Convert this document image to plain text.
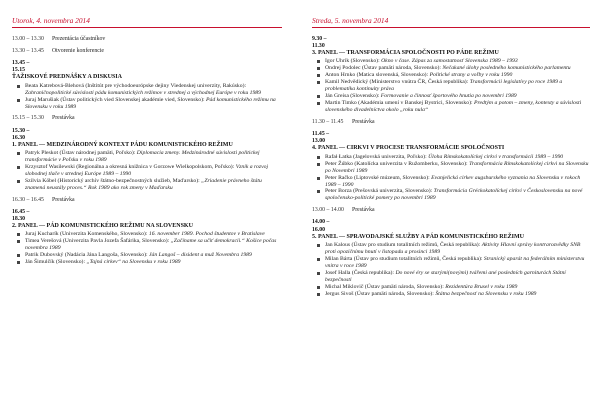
Utorok, 4. novembra 2014
13.00 – 13.30	Prezentácia účastníkov
13.30 – 13.45	Otvorenie konferencie
13.45 – 15.15
ŤAŽISKOVÉ PREDNÁŠKY A DISKUSIA
Beata Katrebová-Blehová (Inštitút pre východoeurópske dejiny Viedenskej univerzity, Rakúsko): Zahraničnopolitické súvislosti pádu komunistických režimov v strednej a východnej Európe v roku 1989
Juraj Marušiak (Ústav politických vied Slovenskej akadémie vied, Slovensko): Pád komunistického režimu na Slovensku v roku 1989
15.15 – 15.30	Prestávka
15.30 – 16.30
1. PANEL — MEDZINÁRODNÝ KONTEXT PÁDU KOMUNISTICKÉHO REŽIMU
Patryk Pleskot (Ústav národnej pamäti, Poľsko): Diplomacia zmeny. Medzinárodné súvislosti politickej transformácie v Poľsku v roku 1989
Krzysztof Wasilewski (Regionálna a okresná knižnica v Gorzowe Wielkopolskom, Poľsko): Vznik a rozvoj slobodnej tlače v strednej Európe 1989 – 1990
Szilvia Köbel (Historický archív štátno-bezpečnostných služieb, Maďarsko): „Zriadenie právneho štátu znamená neustály proces.“ Rok 1989 ako rok zmeny v Maďarsku
16.30 – 16.45	Prestávka
16.45 – 18.30
2. PANEL — PÁD KOMUNISTICKÉHO REŽIMU NA SLOVENSKU
Juraj Kucharík (Univerzita Komenského, Slovensko): 16. november 1989. Pochod študentov v Bratislave
Timea Verešová (Univerzita Pavla Jozefa Šafárika, Slovensko): „Začíname sa učiť demokracii.“ Košice počas novembra 1989
Patrik Dubovský (Nadácia Jána Langoša, Slovensko): Ján Langoš – disident a muž Novembra 1989
Ján Šimulčík (Slovensko): „Tajná cirkev“ na Slovensku v roku 1989
Streda, 5. novembra 2014
9.30 – 11.30
3. PANEL — TRANSFORMÁCIA SPOLOČNOSTI PO PÁDE REŽIMU
Igor Uhrík (Slovensko): Okno v čase. Zápas za samostatnosť Slovenska 1989 – 1993
Ondrej Podolec (Ústav pamäti národa, Slovensko): Nečakané úlohy posledného komunistického parlamentu
Anton Hrnko (Matica slovenská, Slovensko): Politické strany a voľby v roku 1990
Kamil Nedvědický (Ministerstvo vnútra ČR, Česká republika): Transformácii legislatívy po roce 1989 a problematika kontinuity práva
Ján Greisa (Slovensko): Formovanie a činnosť športového hnutia po novembri 1989
Martin Timko (Akadémia umení v Banskej Bystrici, Slovensko): Predtým a potom – zmeny, kontexty a súvislosti slovenského divadelníctva okolo „roku nula“
11.30 – 11.45	Prestávka
11.45 – 13.00
4. PANEL — CIRKVI V PROCESE TRANSFORMÁCIE SPOLOČNOSTI
Rafał Łatka (Jagelovská univerzita, Poľsko): Úloha Rímskokatolíckej cirkvi v transformácii 1989 – 1990
Peter Žúbko (Katolícka univerzita v Ružomberku, Slovensko): Transformácia Rímskokatolíckej cirkvi na Slovensku po Novembri 1989
Peter Račko (Liptovské múzeum, Slovensko): Evanjelická cirkev augsburského vyznania na Slovensku v rokoch 1989 – 1990
Peter Borza (Prešovská univerzita, Slovensko): Transformácia Gréckokatolíckej cirkvi v Československu na nové spoločensko-politické pomery po novembri 1989
13.00 – 14.00	Prestávka
14.00 – 16.00
5. PANEL — SPRAVODAJSKÉ SLUŽBY A PÁD KOMUNISTICKÉHO REŽIMU
Jan Kalous (Ústav pro studium totalitních režimů, Česká republika): Aktivity Hlavní správy kontrarozvědky SNB proti opozičnímu hnutí v listopadu a prosinci 1989
Milan Bárta (Ústav pro studium totalitních režimů, Česká republika): Stranický aparát na federálním ministerstvu vnitra v roce 1989
Josef Halla (Česká republika): Do nové éry se starými(novými) tvářemi ané posledních garniturách Státní bezpečnosti
Michal Miklovič (Ústav pamäti národa, Slovensko): Rezidentúra Brusel v roku 1989
Jergus Sivoš (Ústav pamäti národa, Slovensko): Štátna bezpečnosť na Slovensku v roku 1989
